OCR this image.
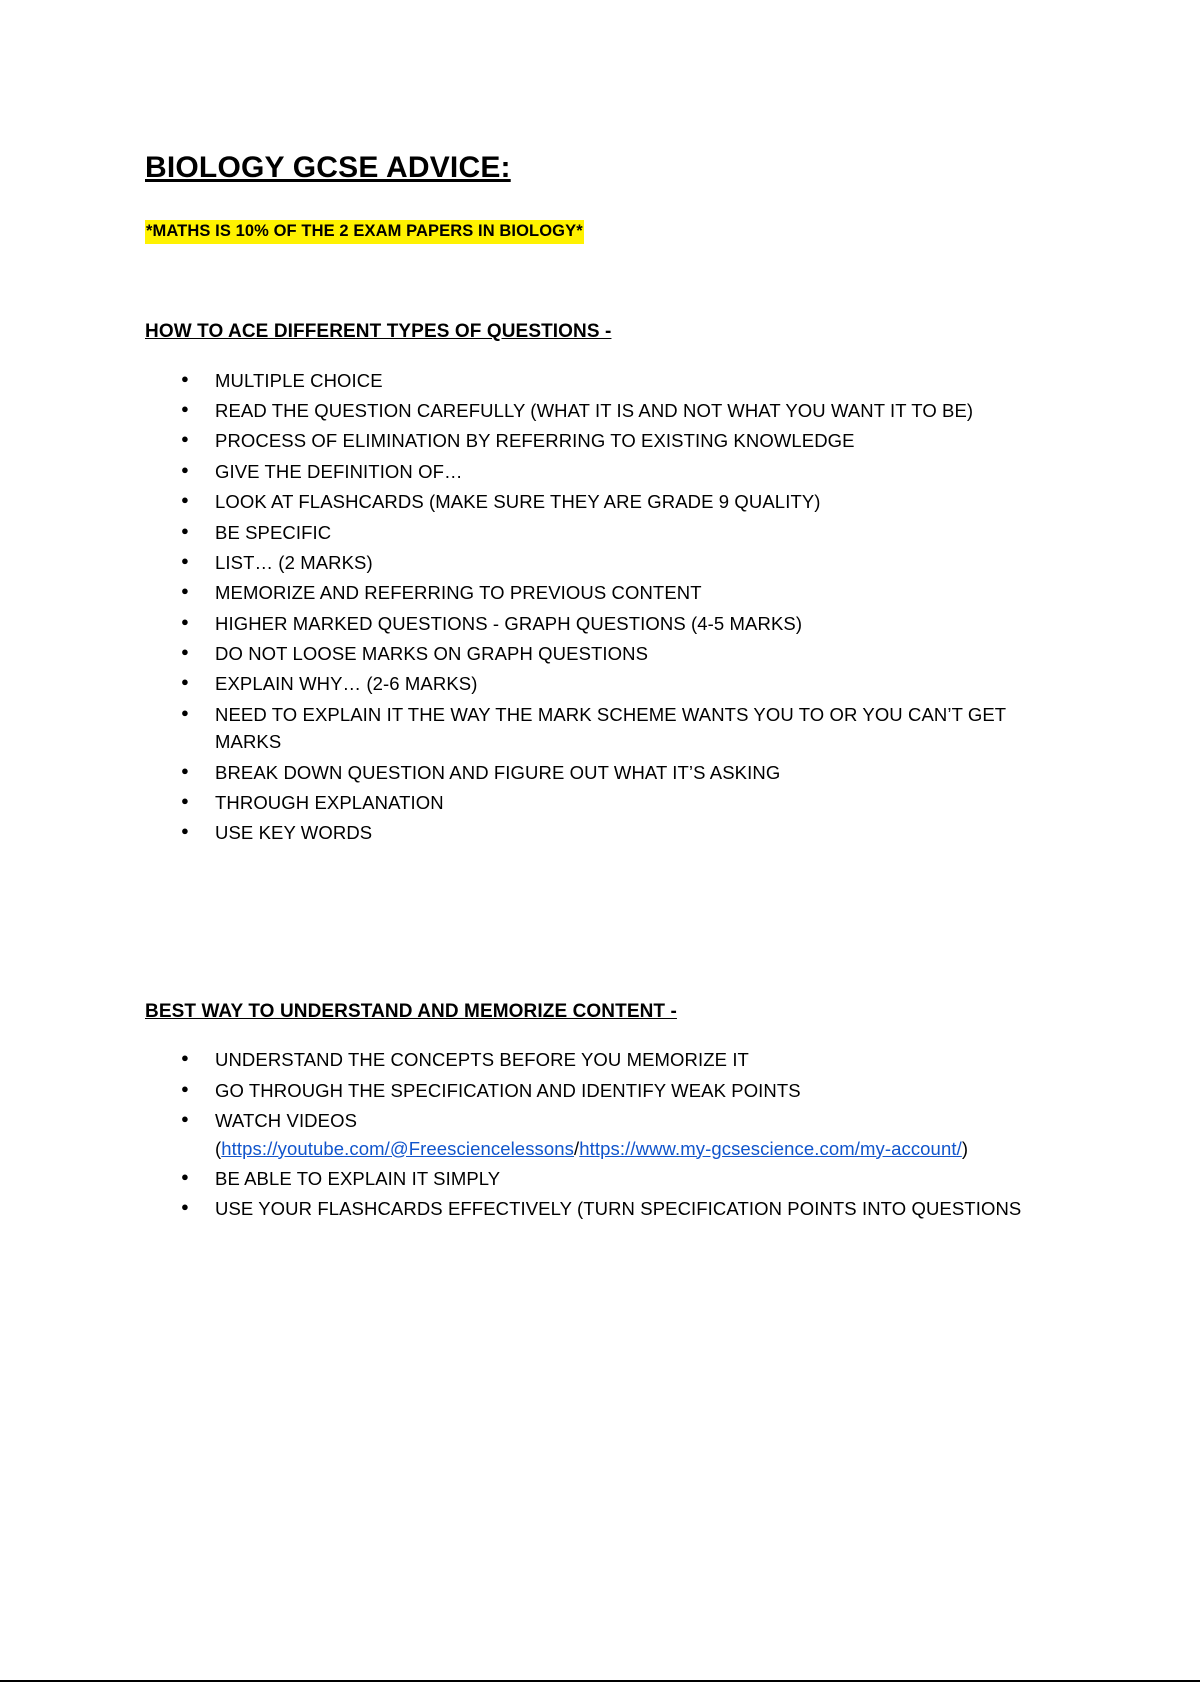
BIOLOGY GCSE ADVICE:
*MATHS IS 10% OF THE 2 EXAM PAPERS IN BIOLOGY*
HOW TO ACE DIFFERENT TYPES OF QUESTIONS -
● MULTIPLE CHOICE
● READ THE QUESTION CAREFULLY (WHAT IT IS AND NOT WHAT YOU WANT IT TO BE)
● PROCESS OF ELIMINATION BY REFERRING TO EXISTING KNOWLEDGE
● GIVE THE DEFINITION OF…
● LOOK AT FLASHCARDS (MAKE SURE THEY ARE GRADE 9 QUALITY)
● BE SPECIFIC
● LIST… (2 MARKS)
● MEMORIZE AND REFERRING TO PREVIOUS CONTENT
● HIGHER MARKED QUESTIONS - GRAPH QUESTIONS (4-5 MARKS)
● DO NOT LOOSE MARKS ON GRAPH QUESTIONS
● EXPLAIN WHY… (2-6 MARKS)
● NEED TO EXPLAIN IT THE WAY THE MARK SCHEME WANTS YOU TO OR YOU CAN’T GET MARKS
● BREAK DOWN QUESTION AND FIGURE OUT WHAT IT’S ASKING
● THROUGH EXPLANATION
● USE KEY WORDS
BEST WAY TO UNDERSTAND AND MEMORIZE CONTENT -
● UNDERSTAND THE CONCEPTS BEFORE YOU MEMORIZE IT
● GO THROUGH THE SPECIFICATION AND IDENTIFY WEAK POINTS
● WATCH VIDEOS
(https://youtube.com/@Freesciencelessons/https://www.my-gcsescience.com/my-account/)
● BE ABLE TO EXPLAIN IT SIMPLY
● USE YOUR FLASHCARDS EFFECTIVELY (TURN SPECIFICATION POINTS INTO QUESTIONS
